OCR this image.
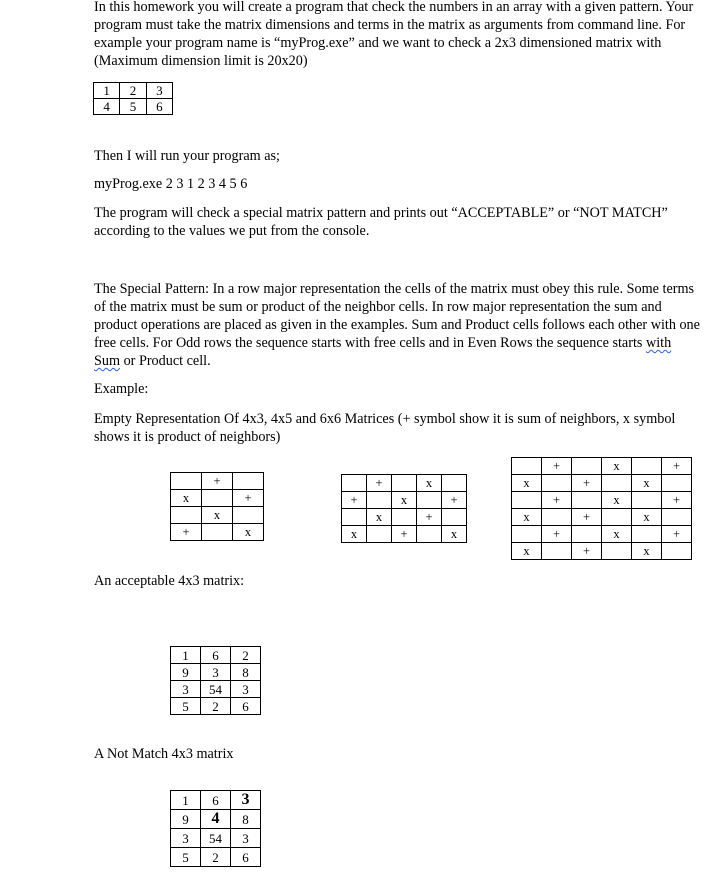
In this homework you will create a program that check the numbers in an array with a given pattern. Your
program must take the matrix dimensions and terms in the matrix as arguments from command line. For
example your program name is “myProg.exe” and we want to check a 2x3 dimensioned matrix with
(Maximum dimension limit is 20x20)
1	2	3
4	5	6
Then I will run your program as;
myProg.exe 2 3 1 2 3 4 5 6
The program will check a special matrix pattern and prints out “ACCEPTABLE” or “NOT MATCH”
according to the values we put from the console.
The Special Pattern: In a row major representation the cells of the matrix must obey this rule. Some terms
of the matrix must be sum or product of the neighbor cells. In row major representation the sum and
product operations are placed as given in the examples. Sum and Product cells follows each other with one
free cells. For Odd rows the sequence starts with free cells and in Even Rows the sequence starts with
Sum or Product cell.
Example:
Empty Representation Of 4x3, 4x5 and 6x6 Matrices (+ symbol show it is sum of neighbors, x symbol
shows it is product of neighbors)
	+	
x		+
	x	
+		x
	+		x	
+		x		+
	x		+	
x		+		x
	+		x		+
x		+		x	
	+		x		+
x		+		x	
	+		x		+
x		+		x	
An acceptable 4x3 matrix:
1	6	2
9	3	8
3	54	3
5	2	6
A Not Match 4x3 matrix
1	6	3
9	4	8
3	54	3
5	2	6
